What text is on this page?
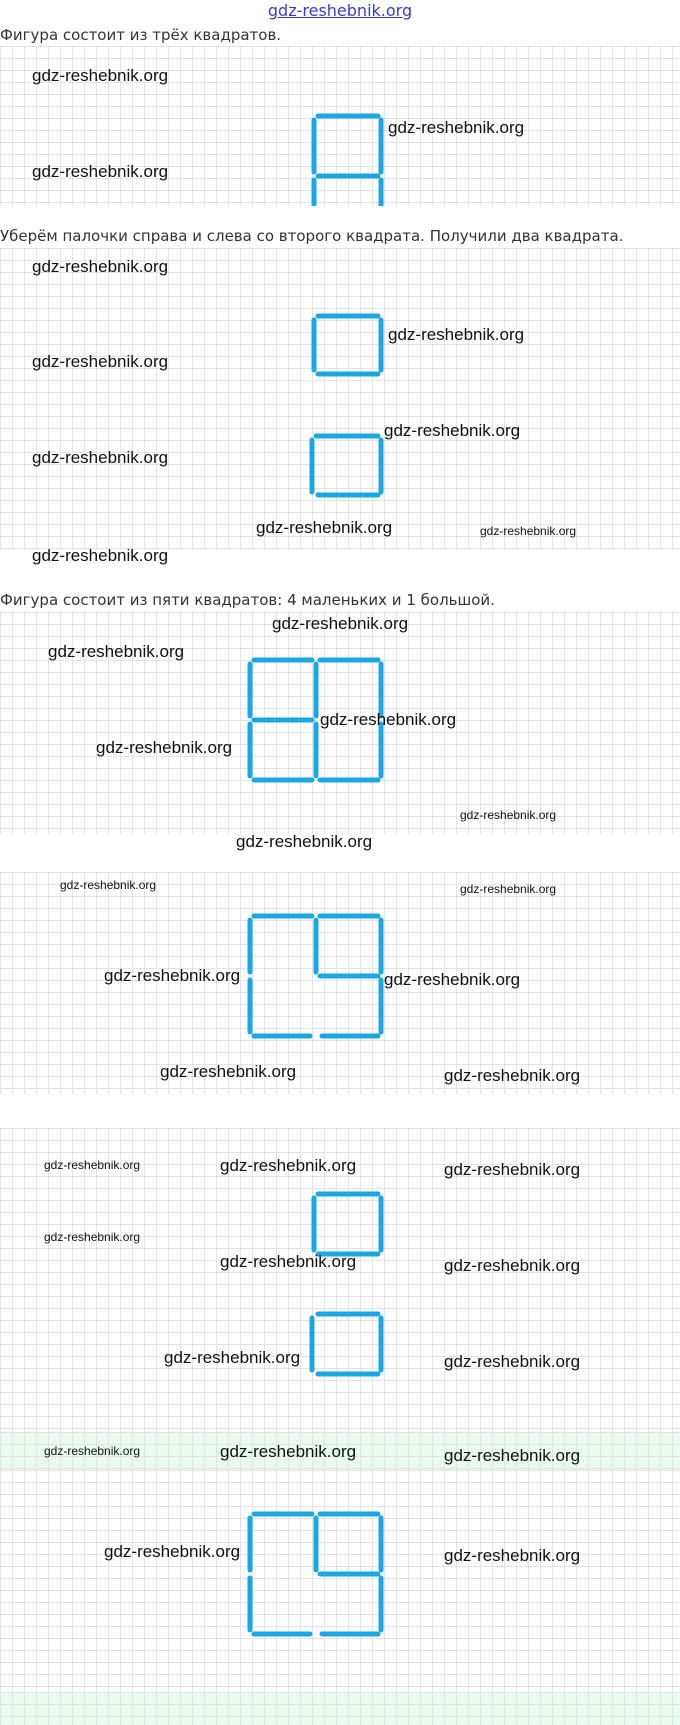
gdz-reshebnik.org
Фигура состоит из трёх квадратов.
gdz-reshebnik.org
gdz-reshebnik.org
gdz-reshebnik.org
Уберём палочки справа и слева со второго квадрата. Получили два квадрата.
gdz-reshebnik.org
gdz-reshebnik.org
gdz-reshebnik.org
gdz-reshebnik.org
gdz-reshebnik.org
gdz-reshebnik.org	gdz-reshebnik.org
gdz-reshebnik.org
Фигура состоит из пяти квадратов: 4 маленьких и 1 большой.
gdz-reshebnik.org
gdz-reshebnik.org
gdz-reshebnik.org
gdz-reshebnik.org
gdz-reshebnik.org
gdz-reshebnik.org
gdz-reshebnik.org	gdz-reshebnik.org
gdz-reshebnik.org	gdz-reshebnik.org
gdz-reshebnik.org	gdz-reshebnik.org
gdz-reshebnik.org	gdz-reshebnik.org	gdz-reshebnik.org
gdz-reshebnik.org
gdz-reshebnik.org	gdz-reshebnik.org
gdz-reshebnik.org	gdz-reshebnik.org
gdz-reshebnik.org	gdz-reshebnik.org	gdz-reshebnik.org
gdz-reshebnik.org	gdz-reshebnik.org
